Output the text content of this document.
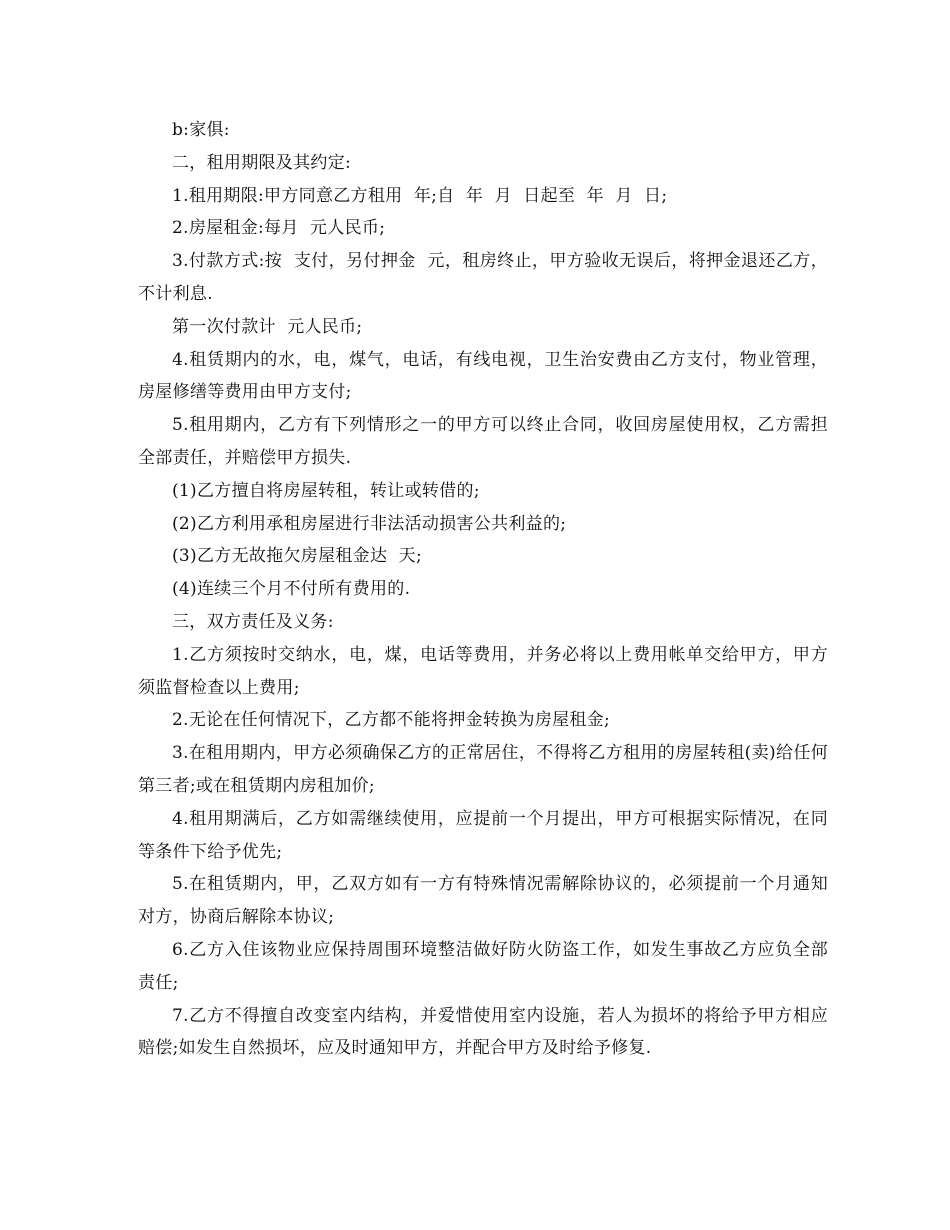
b:家俱:

二，租用期限及其约定:

1.租用期限:甲方同意乙方租用  年;自  年  月  日起至  年  月  日;

2.房屋租金:每月  元人民币;

3.付款方式:按  支付，另付押金  元，租房终止，甲方验收无误后，将押金退还乙方，不计利息.

第一次付款计  元人民币;

4.租赁期内的水，电，煤气，电话，有线电视，卫生治安费由乙方支付，物业管理，房屋修缮等费用由甲方支付;

5.租用期内，乙方有下列情形之一的甲方可以终止合同，收回房屋使用权，乙方需担全部责任，并赔偿甲方损失.

(1)乙方擅自将房屋转租，转让或转借的;

(2)乙方利用承租房屋进行非法活动损害公共利益的;

(3)乙方无故拖欠房屋租金达  天;

(4)连续三个月不付所有费用的.

三，双方责任及义务:

1.乙方须按时交纳水，电，煤，电话等费用，并务必将以上费用帐单交给甲方，甲方须监督检查以上费用;

2.无论在任何情况下，乙方都不能将押金转换为房屋租金;

3.在租用期内，甲方必须确保乙方的正常居住，不得将乙方租用的房屋转租(卖)给任何第三者;或在租赁期内房租加价;

4.租用期满后，乙方如需继续使用，应提前一个月提出，甲方可根据实际情况，在同等条件下给予优先;

5.在租赁期内，甲，乙双方如有一方有特殊情况需解除协议的，必须提前一个月通知对方，协商后解除本协议;

6.乙方入住该物业应保持周围环境整洁做好防火防盗工作，如发生事故乙方应负全部责任;

7.乙方不得擅自改变室内结构，并爱惜使用室内设施，若人为损坏的将给予甲方相应赔偿;如发生自然损坏，应及时通知甲方，并配合甲方及时给予修复.
